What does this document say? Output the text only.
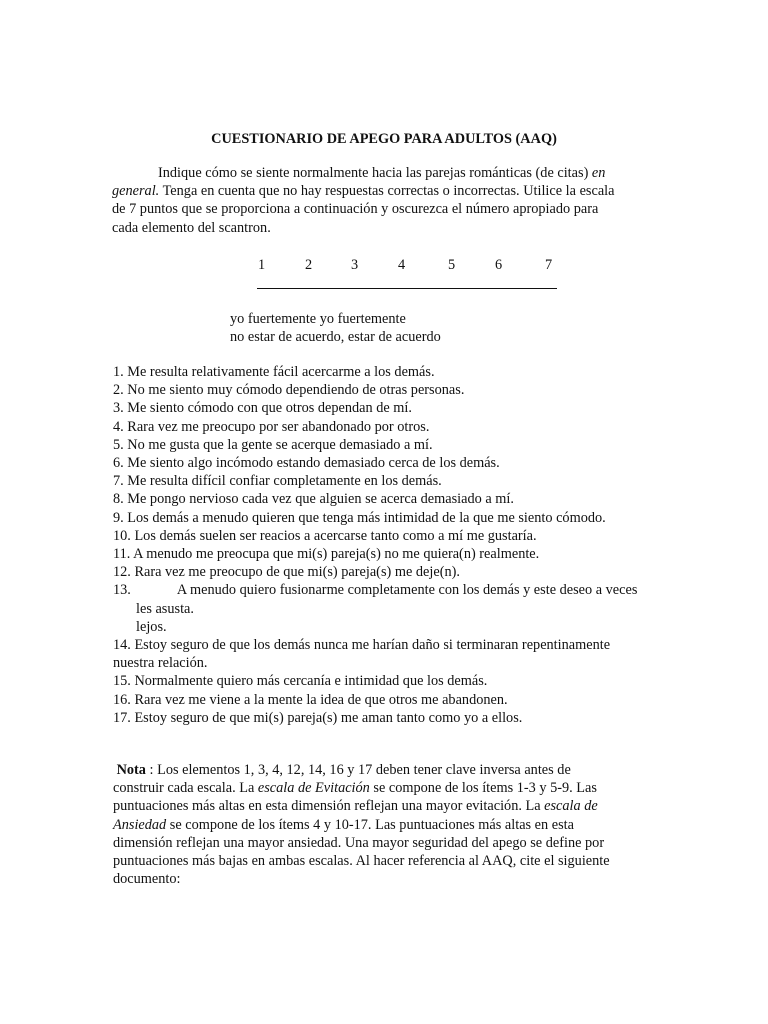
CUESTIONARIO DE APEGO PARA ADULTOS (AAQ)

Indique cómo se siente normalmente hacia las parejas románticas (de citas) en

general. Tenga en cuenta que no hay respuestas correctas o incorrectas. Utilice la escala

de 7 puntos que se proporciona a continuación y oscurezca el número apropiado para

cada elemento del scantron.

1	2	3	4	5	6	7
yo fuertemente yo fuertemente
no estar de acuerdo, estar de acuerdo
1. Me resulta relativamente fácil acercarme a los demás.
2. No me siento muy cómodo dependiendo de otras personas.
3. Me siento cómodo con que otros dependan de mí.
4. Rara vez me preocupo por ser abandonado por otros.
5. No me gusta que la gente se acerque demasiado a mí.
6. Me siento algo incómodo estando demasiado cerca de los demás.
7. Me resulta difícil confiar completamente en los demás.
8. Me pongo nervioso cada vez que alguien se acerca demasiado a mí.
9. Los demás a menudo quieren que tenga más intimidad de la que me siento cómodo.
10. Los demás suelen ser reacios a acercarse tanto como a mí me gustaría.
11. A menudo me preocupa que mi(s) pareja(s) no me quiera(n) realmente.
12. Rara vez me preocupo de que mi(s) pareja(s) me deje(n).
13.	A menudo quiero fusionarme completamente con los demás y este deseo a veces
les asusta.
lejos.
14. Estoy seguro de que los demás nunca me harían daño si terminaran repentinamente
nuestra relación.
15. Normalmente quiero más cercanía e intimidad que los demás.
16. Rara vez me viene a la mente la idea de que otros me abandonen.
17. Estoy seguro de que mi(s) pareja(s) me aman tanto como yo a ellos.
Nota : Los elementos 1, 3, 4, 12, 14, 16 y 17 deben tener clave inversa antes de
construir cada escala. La escala de Evitación se compone de los ítems 1-3 y 5-9. Las
puntuaciones más altas en esta dimensión reflejan una mayor evitación. La escala de
Ansiedad se compone de los ítems 4 y 10-17. Las puntuaciones más altas en esta
dimensión reflejan una mayor ansiedad. Una mayor seguridad del apego se define por
puntuaciones más bajas en ambas escalas. Al hacer referencia al AAQ, cite el siguiente
documento:
